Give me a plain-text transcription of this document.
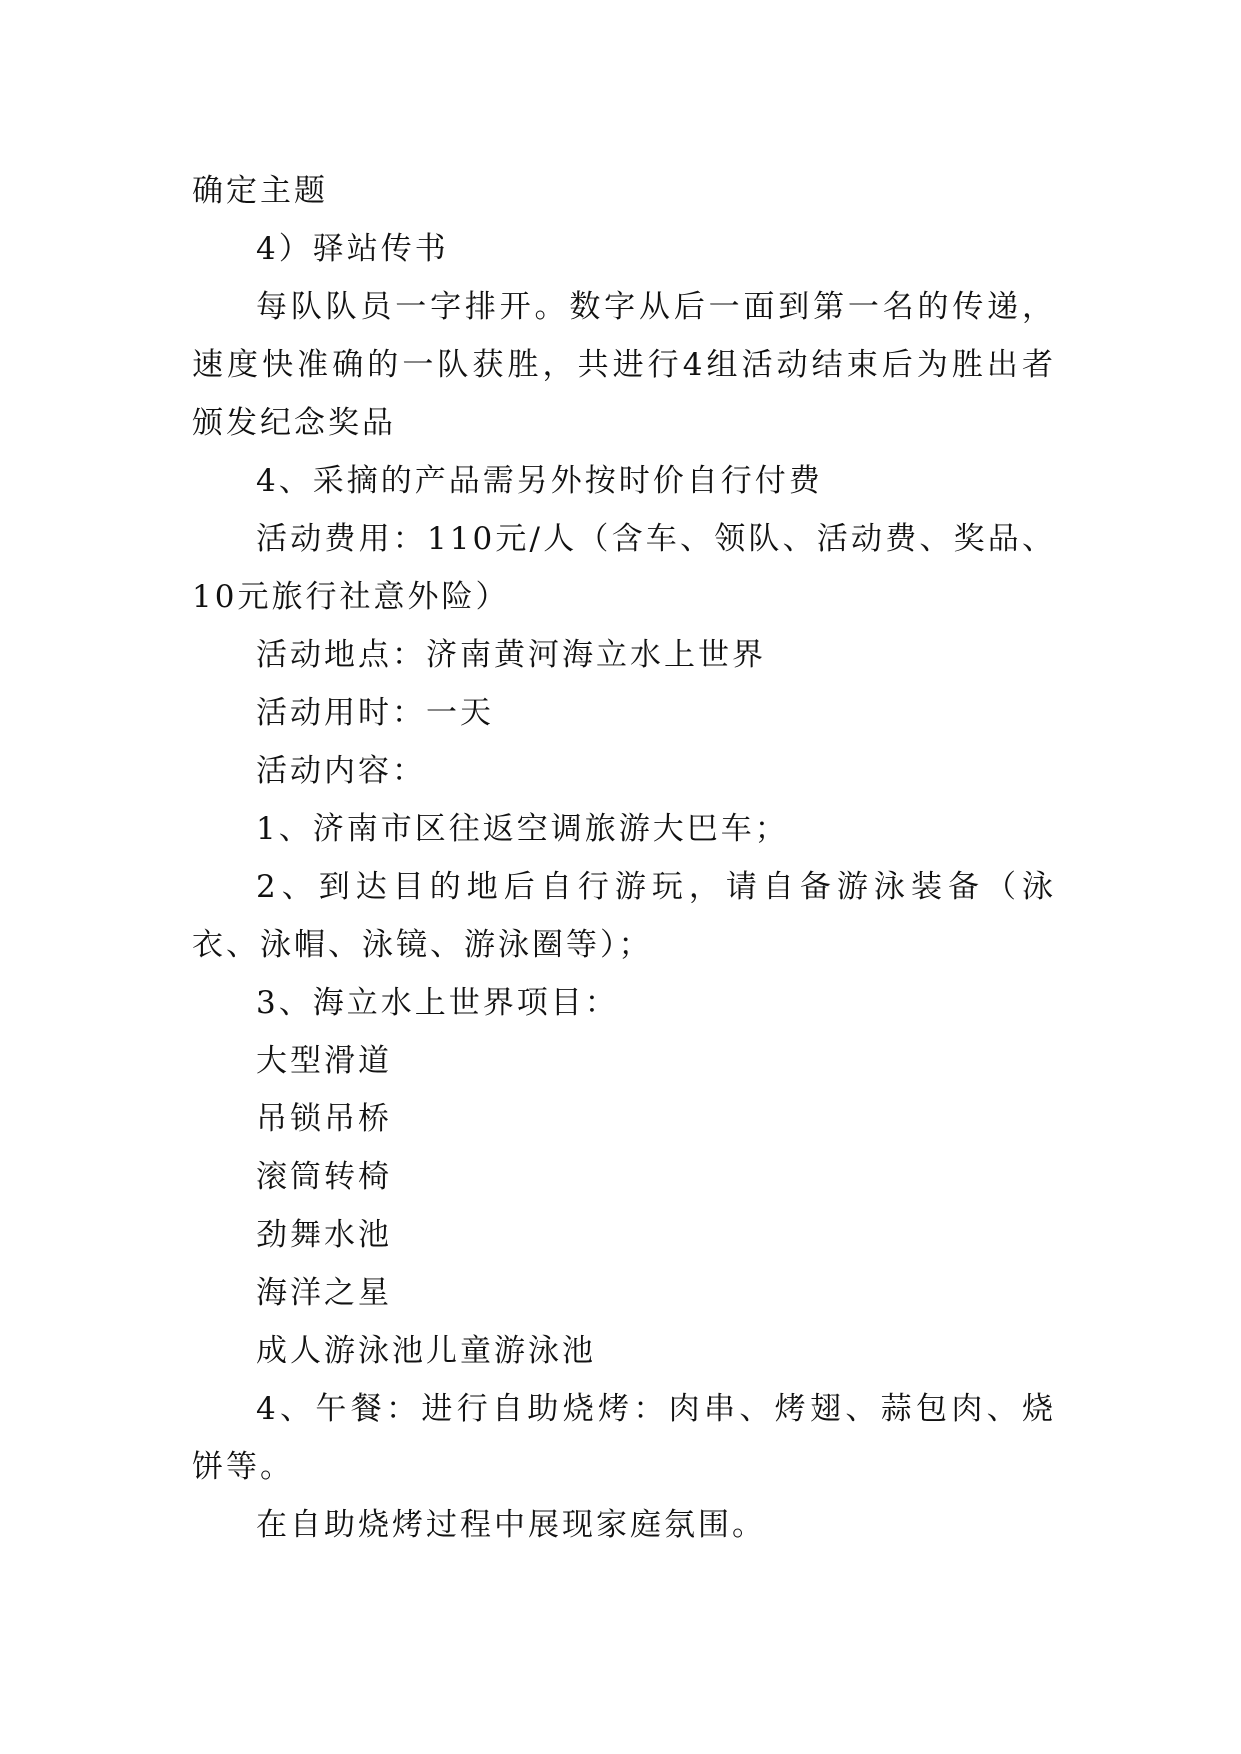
确定主题

4）驿站传书

每队队员一字排开。数字从后一面到第一名的传递，速度快准确的一队获胜，共进行4组活动结束后为胜出者颁发纪念奖品

4、采摘的产品需另外按时价自行付费

活动费用：110元/人（含车、领队、活动费、奖品、10元旅行社意外险）

活动地点：济南黄河海立水上世界

活动用时：一天

活动内容：

1、济南市区往返空调旅游大巴车；

2、到达目的地后自行游玩，请自备游泳装备（泳衣、泳帽、泳镜、游泳圈等）；

3、海立水上世界项目：

大型滑道

吊锁吊桥

滚筒转椅

劲舞水池

海洋之星

成人游泳池儿童游泳池

4、午餐：进行自助烧烤：肉串、烤翅、蒜包肉、烧饼等。

在自助烧烤过程中展现家庭氛围。
